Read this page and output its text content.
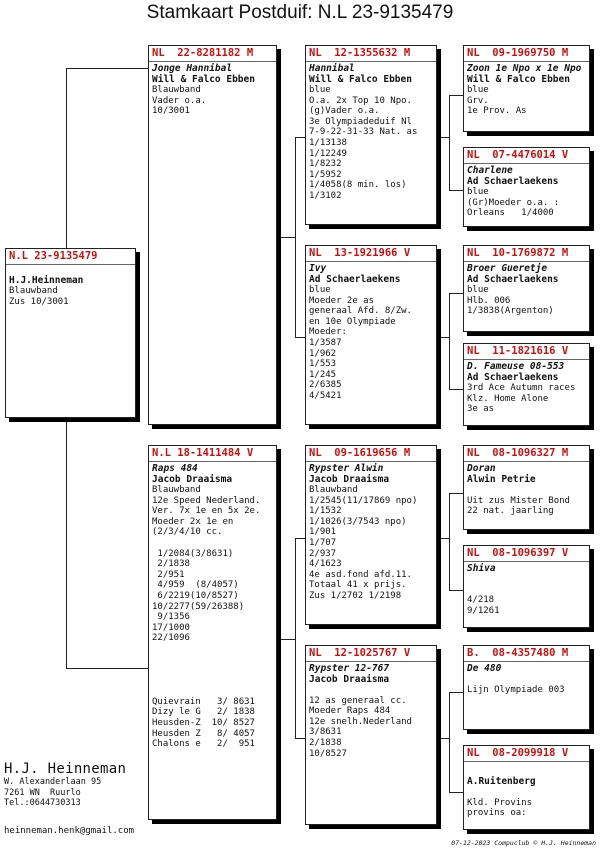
Stamkaart Postduif: N.L 23-9135479
N.L 23-9135479
H.J.Heinneman
Blauwband
Zus 10/3001
NL  22-8281182 M
Jonge Hannibal
Will & Falco Ebben
Blauwband
Vader o.a.
10/3001
N.L 18-1411484 V
Raps 484
Jacob Draaisma
Blauwband
12e Speed Nederland.
Ver. 7x 1e en 5x 2e.
Moeder 2x 1e en
(2/3/4/10 cc.

1/2084(3/8631)
2/1838
2/951
4/959  (8/4057)
6/2219(10/8527)
10/2277(59/26388)
9/1356
17/1000
22/1096

Quievrain   3/ 8631
Dizy le G   2/ 1838
Heusden-Z  10/ 8527
Heusden Z   8/ 4057
Chalons e   2/  951
NL  12-1355632 M
Hannibal
Will & Falco Ebben
blue
O.a. 2x Top 10 Npo.
(g)Vader o.a.
3e Olympiadeduif Nl
7-9-22-31-33 Nat. as
1/13138
1/12249
1/8232
1/5952
1/4058(8 min. los)
1/3102
NL  13-1921966 V
Ivy
Ad Schaerlaekens
blue
Moeder 2e as
generaal Afd. 8/Zw.
en 10e Olympiade
Moeder:
1/3587
1/962
1/553
1/245
2/6385
4/5421
NL  09-1619656 M
Rypster Alwin
Jacob Draaisma
Blauwband
1/2545(11/17869 npo)
1/1532
1/1026(3/7543 npo)
1/901
1/707
2/937
4/1623
4e asd.fond afd.11.
Totaal 41 x prijs.
Zus 1/2702 1/2198
NL  12-1025767 V
Rypster 12-767
Jacob Draaisma

12 as generaal cc.
Moeder Raps 484
12e snelh.Nederland
3/8631
2/1838
10/8527
NL  09-1969750 M
Zoon 1e Npo x 1e Npo
Will & Falco Ebben
blue
Grv.
1e Prov. As
NL  07-4476014 V
Charlene
Ad Schaerlaekens
blue
(Gr)Moeder o.a. :
Orleans   1/4000
NL  10-1769872 M
Broer Gueretje
Ad Schaerlaekens
blue
Hlb. 006
1/3838(Argenton)
NL  11-1821616 V
D. Fameuse 08-553
Ad Schaerlaekens
3rd Ace Autumn races
Klz. Home Alone
3e as
NL  08-1096327 M
Doran
Alwin Petrie

Uit zus Mister Bond
22 nat. jaarling
NL  08-1096397 V
Shiva

4/218
9/1261
B.  08-4357480 M
De 480

Lijn Olympiade 003
NL  08-2099918 V
A.Ruitenberg

Kld. Provins
provins oa:
H.J. Heinneman
W. Alexanderlaan 95
7261 WN  Ruurlo
Tel.:0644730313
heinneman.henk@gmail.com
07-12-2023 Compuclub © H.J. Heinneman
